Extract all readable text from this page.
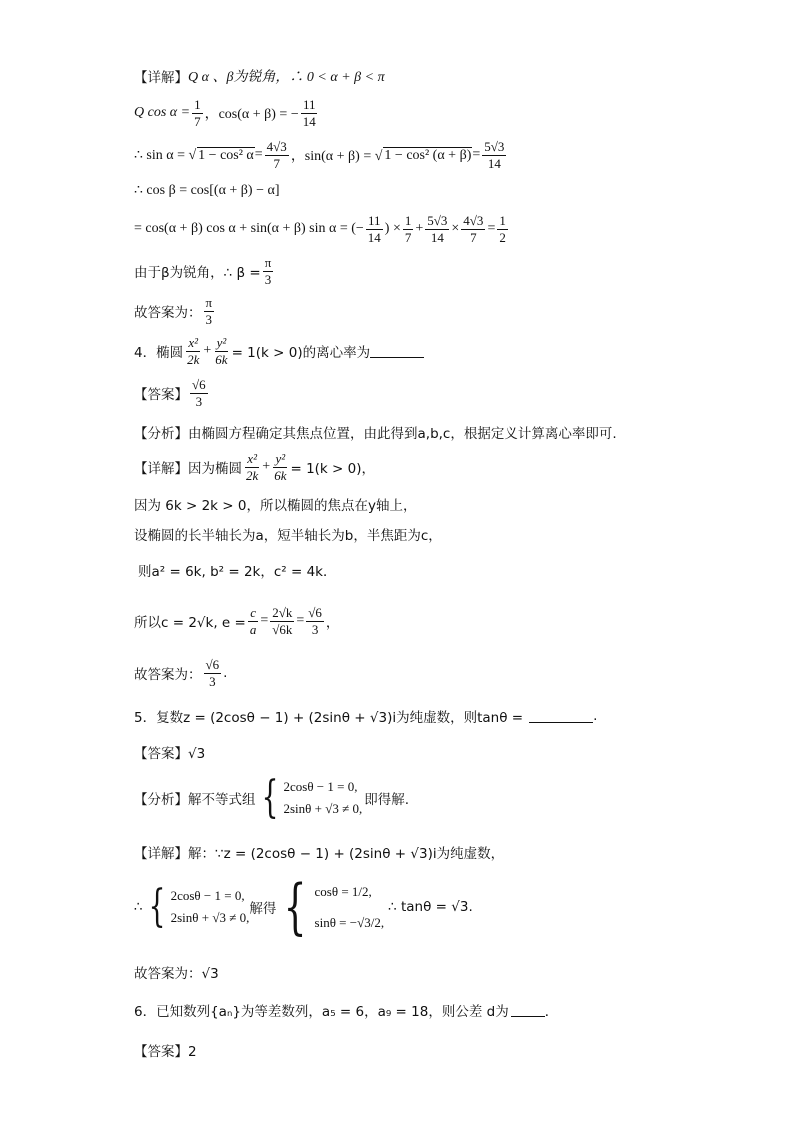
【详解】 Q α 、β为锐角，∴ 0 < α + β < π
Q $\cos \alpha = \frac{1}{7}$ ，cos(α + β) = − $\frac{11}{14}$
∴ sin α = √ 1 − cos² $\alpha = \frac{4√3}{7}$ ，sin(α + β) = √ 1 − cos² $(\alpha + \beta) = \frac{5√3}{14}$
∴ cos β = cos[(α + β) − α]
= cos(α + β) cos α + sin(α + β) sin α = (− $\frac{11}{14}$ ) × $\frac{1}{7} + \frac{5√3}{14} \times \frac{4√3}{7} = \frac{1}{2}$
由于β为锐角，∴ $\beta = \frac{\pi}{3}$
故答案为： $\frac{\pi}{3}$
4．椭圆 $\frac{\text{x²}}{2k} + \frac{\text{y²}}{6k} = 1(k > 0)$的离心率为
【答案】 $\frac{√6}{3}$
【分析】由椭圆方程确定其焦点位置，由此得到a,b,c，根据定义计算离心率即可.
【详解】因为椭圆 $\frac{\text{x²}}{2k} + \frac{\text{y²}}{6k} = 1(k > 0)$，
因为 6k > 2k > 0，所以椭圆的焦点在y轴上，
设椭圆的长半轴长为a，短半轴长为b，半焦距为c，
则a² = 6k, b² = 2k，c² = 4k．
所以c = 2√k, $e = \frac{c}{a} = \frac{2√k}{√6k} = \frac{√6}{3}$ ，
故答案为： $\frac{√6}{3}$ .
5．复数z = (2cosθ − 1) + (2sinθ + √3)i为纯虚数，则tanθ =	.
【答案】√3
【分析】解不等式组 { 2cosθ − 1 = 0,
2sinθ + √3 ≠ 0,
即得解.
【详解】解：∵z = (2cosθ − 1) + (2sinθ + √3)i为纯虚数，
∴ { 2cosθ − 1 = 0,
2sinθ + √3 ≠ 0,
解得 { cosθ = 1/2,
sinθ = −√3/2,
∴ tanθ = √3.
故答案为：√3
6．已知数列{aₙ}为等差数列，a₅ = 6，a₉ = 18，则公差 d为	．
【答案】2
